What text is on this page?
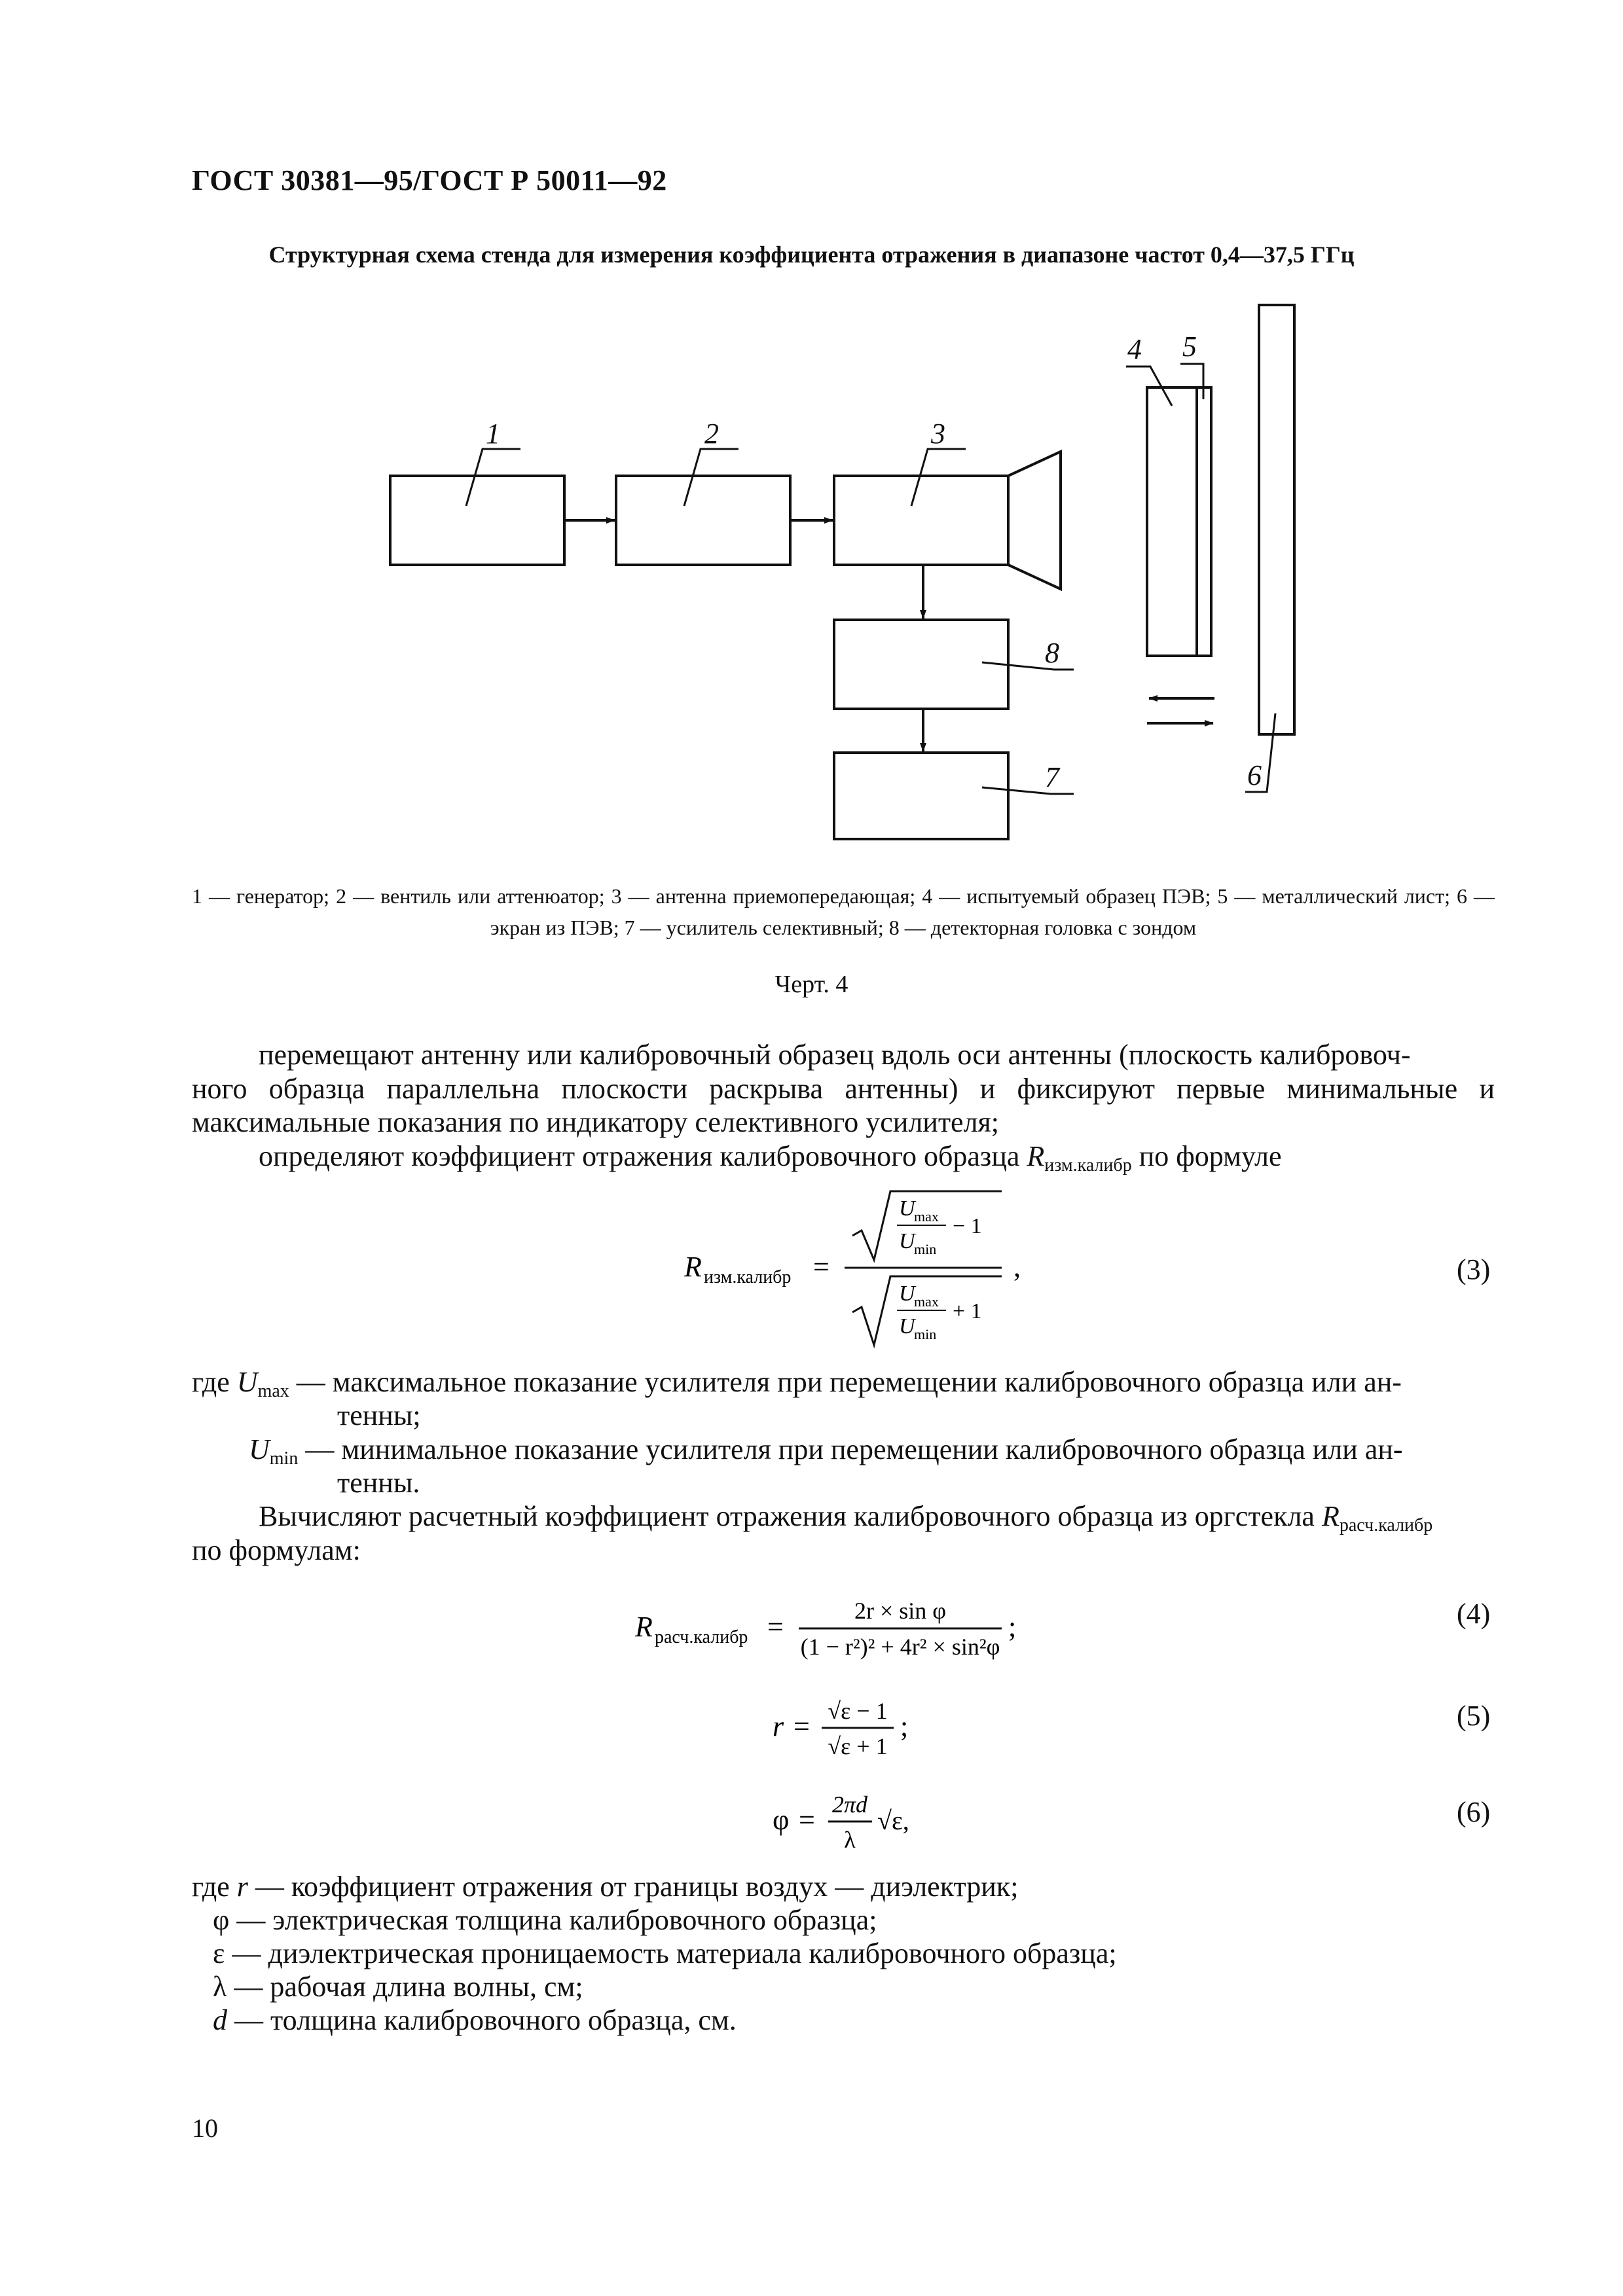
ГОСТ 30381—95/ГОСТ Р 50011—92
Структурная схема стенда для измерения коэффициента отражения в диапазоне частот 0,4—37,5 ГГц
1	2	3
4 5
8
7	6
1 — генератор; 2 — вентиль или аттенюатор; 3 — антенна приемопередающая; 4 — испытуемый образец ПЭВ; 5 — металлический лист; 6 — экран из ПЭВ; 7 — усилитель селективный; 8 — детекторная головка с зондом
Черт. 4
перемещают антенну или калибровочный образец вдоль оси антенны (плоскость калибровоч-
ного образца параллельна плоскости раскрыва антенны) и фиксируют первые минимальные и
максимальные показания по индикатору селективного усилителя;
определяют коэффициент отражения калибровочного образца $R_{изм.калибр}$ по формуле
R изм.калибр =
U
max
U
min
− 1
U
max
U
min
+ 1
,	(3)
где $U_{max}$ — максимальное показание усилителя при перемещении калибровочного образца или ан-
тенны;
$U_{min}$ — минимальное показание усилителя при перемещении калибровочного образца или ан-
тенны.
Вычисляют расчетный коэффициент отражения калибровочного образца из оргстекла $R_{расч.калибр}$
по формулам:
R расч.калибр =	2r × sin φ
(1 − r²)² + 4r² × sin²φ
;	(4)
r = √ε − 1
√ε + 1
;	(5)
φ = 2πd
λ
√ε,	(6)
где r — коэффициент отражения от границы воздух — диэлектрик;
φ — электрическая толщина калибровочного образца;
ε — диэлектрическая проницаемость материала калибровочного образца;
λ — рабочая длина волны, см;
d — толщина калибровочного образца, см.
10
